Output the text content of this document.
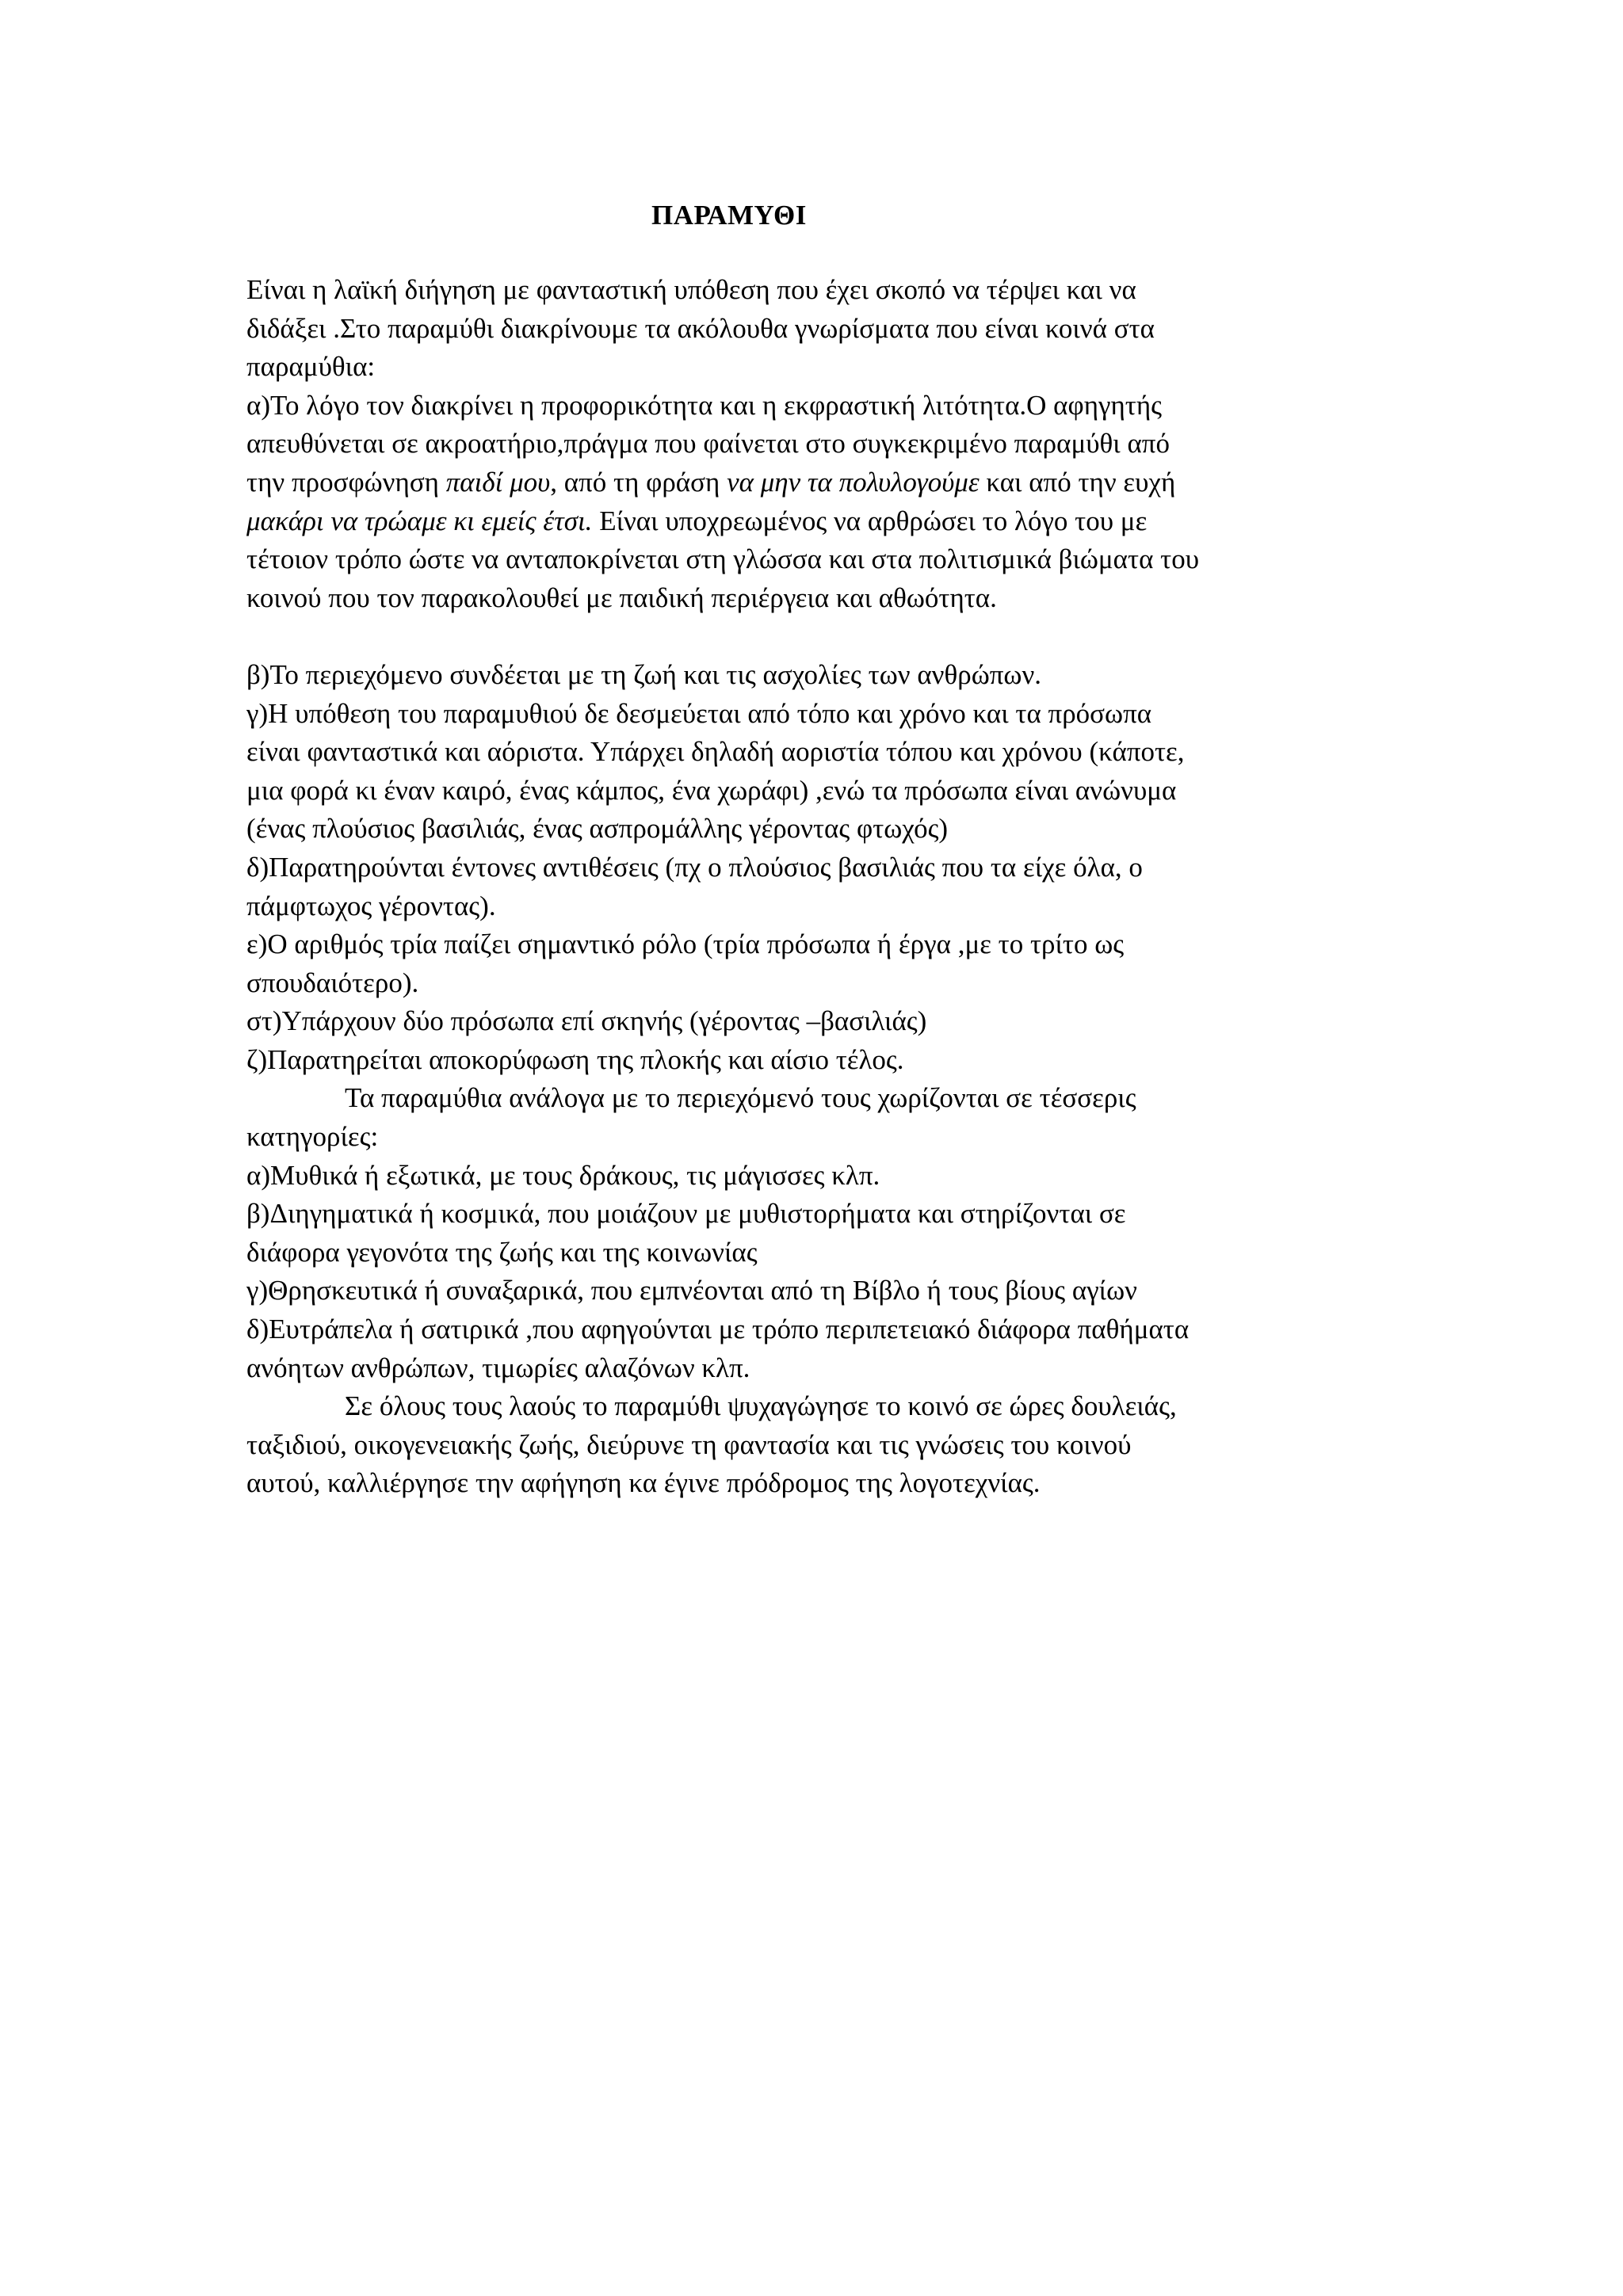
ΠΑΡΑΜΥΘΙ
Είναι η λαϊκή διήγηση με φανταστική υπόθεση που έχει σκοπό να τέρψει και να
διδάξει .Στο παραμύθι διακρίνουμε τα ακόλουθα γνωρίσματα που είναι κοινά στα
παραμύθια:
α)Το λόγο τον διακρίνει η προφορικότητα και η εκφραστική λιτότητα.Ο αφηγητής
απευθύνεται σε ακροατήριο,πράγμα που φαίνεται στο συγκεκριμένο παραμύθι από
την προσφώνηση παιδί μου, από τη φράση να μην τα πολυλογούμε και από την ευχή
μακάρι να τρώαμε κι εμείς έτσι. Είναι υποχρεωμένος να αρθρώσει το λόγο του με
τέτοιον τρόπο ώστε να ανταποκρίνεται στη γλώσσα και στα πολιτισμικά βιώματα του
κοινού που τον παρακολουθεί με παιδική περιέργεια και αθωότητα.
β)Το περιεχόμενο συνδέεται με τη ζωή και τις ασχολίες των ανθρώπων.
γ)Η υπόθεση του παραμυθιού δε δεσμεύεται από τόπο και χρόνο και τα πρόσωπα
είναι φανταστικά και αόριστα. Υπάρχει δηλαδή αοριστία τόπου και χρόνου (κάποτε,
μια φορά κι έναν καιρό, ένας κάμπος, ένα χωράφι) ,ενώ τα πρόσωπα είναι ανώνυμα
(ένας πλούσιος βασιλιάς, ένας ασπρομάλλης γέροντας φτωχός)
δ)Παρατηρούνται έντονες αντιθέσεις (πχ ο πλούσιος βασιλιάς που τα είχε όλα, ο
πάμφτωχος γέροντας).
ε)Ο αριθμός τρία παίζει σημαντικό ρόλο (τρία πρόσωπα ή έργα ,με το τρίτο ως
σπουδαιότερο).
στ)Υπάρχουν δύο πρόσωπα επί σκηνής (γέροντας –βασιλιάς)
ζ)Παρατηρείται αποκορύφωση της πλοκής και αίσιο τέλος.
Τα παραμύθια ανάλογα με το περιεχόμενό τους χωρίζονται σε τέσσερις
κατηγορίες:
α)Μυθικά ή εξωτικά, με τους δράκους, τις μάγισσες κλπ.
β)Διηγηματικά ή κοσμικά, που μοιάζουν με μυθιστορήματα και στηρίζονται σε
διάφορα γεγονότα της ζωής και της κοινωνίας
γ)Θρησκευτικά ή συναξαρικά, που εμπνέονται από τη Βίβλο ή τους βίους αγίων
δ)Ευτράπελα ή σατιρικά ,που αφηγούνται με τρόπο περιπετειακό διάφορα παθήματα
ανόητων ανθρώπων, τιμωρίες αλαζόνων κλπ.
Σε όλους τους λαούς το παραμύθι ψυχαγώγησε το κοινό σε ώρες δουλειάς,
ταξιδιού, οικογενειακής ζωής, διεύρυνε τη φαντασία και τις γνώσεις του κοινού
αυτού, καλλιέργησε την αφήγηση κα έγινε πρόδρομος της λογοτεχνίας.
